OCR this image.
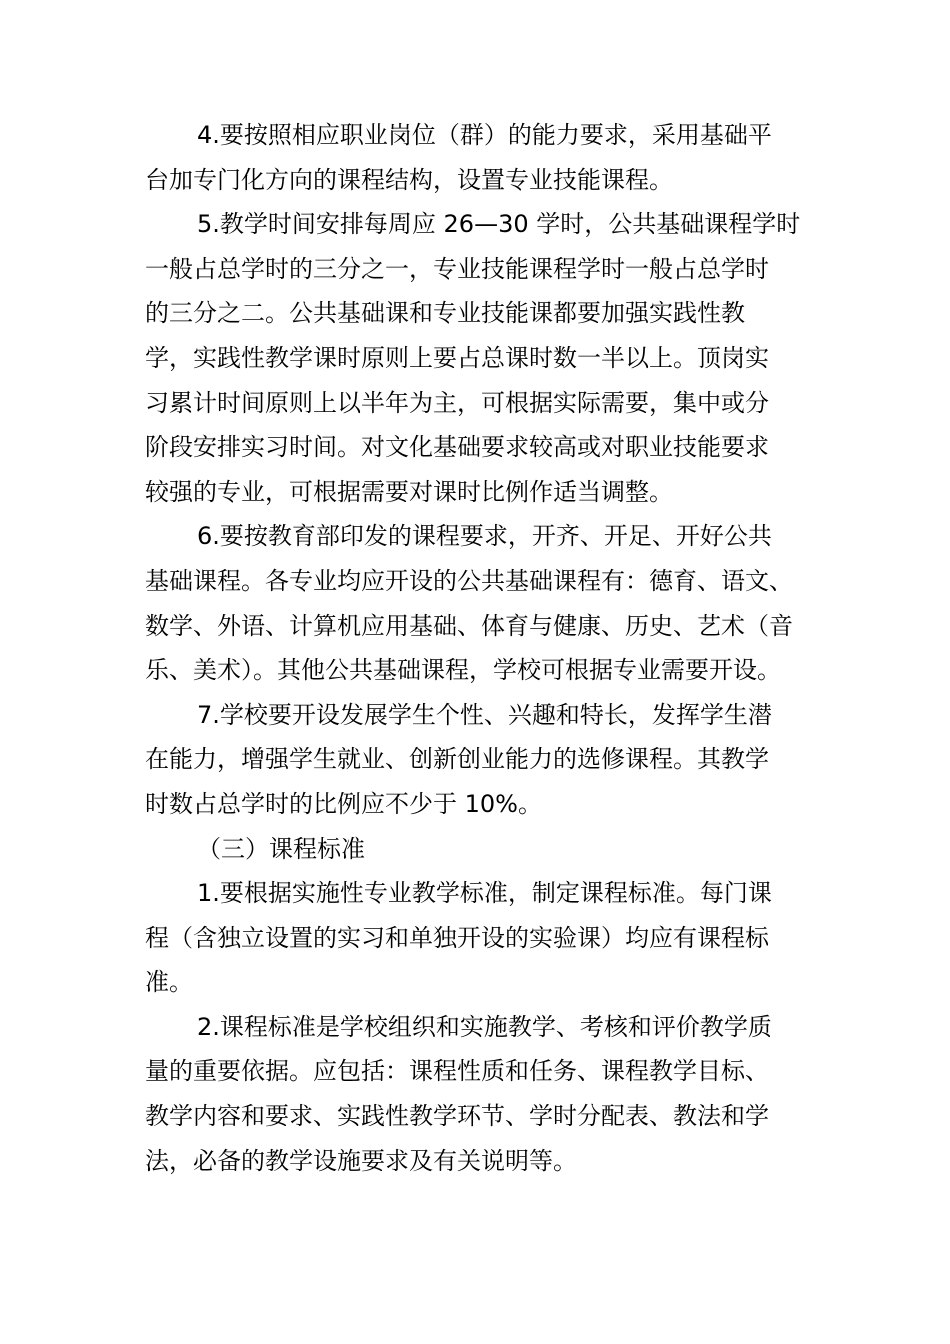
4.要按照相应职业岗位（群）的能力要求，采用基础平
台加专门化方向的课程结构，设置专业技能课程。
5.教学时间安排每周应 26—30 学时，公共基础课程学时
一般占总学时的三分之一，专业技能课程学时一般占总学时
的三分之二。公共基础课和专业技能课都要加强实践性教
学，实践性教学课时原则上要占总课时数一半以上。顶岗实
习累计时间原则上以半年为主，可根据实际需要，集中或分
阶段安排实习时间。对文化基础要求较高或对职业技能要求
较强的专业，可根据需要对课时比例作适当调整。
6.要按教育部印发的课程要求，开齐、开足、开好公共
基础课程。各专业均应开设的公共基础课程有：德育、语文、
数学、外语、计算机应用基础、体育与健康、历史、艺术（音
乐、美术）。其他公共基础课程，学校可根据专业需要开设。
7.学校要开设发展学生个性、兴趣和特长，发挥学生潜
在能力，增强学生就业、创新创业能力的选修课程。其教学
时数占总学时的比例应不少于 10%。
（三）课程标准
1.要根据实施性专业教学标准，制定课程标准。每门课
程（含独立设置的实习和单独开设的实验课）均应有课程标
准。
2.课程标准是学校组织和实施教学、考核和评价教学质
量的重要依据。应包括：课程性质和任务、课程教学目标、
教学内容和要求、实践性教学环节、学时分配表、教法和学
法，必备的教学设施要求及有关说明等。
